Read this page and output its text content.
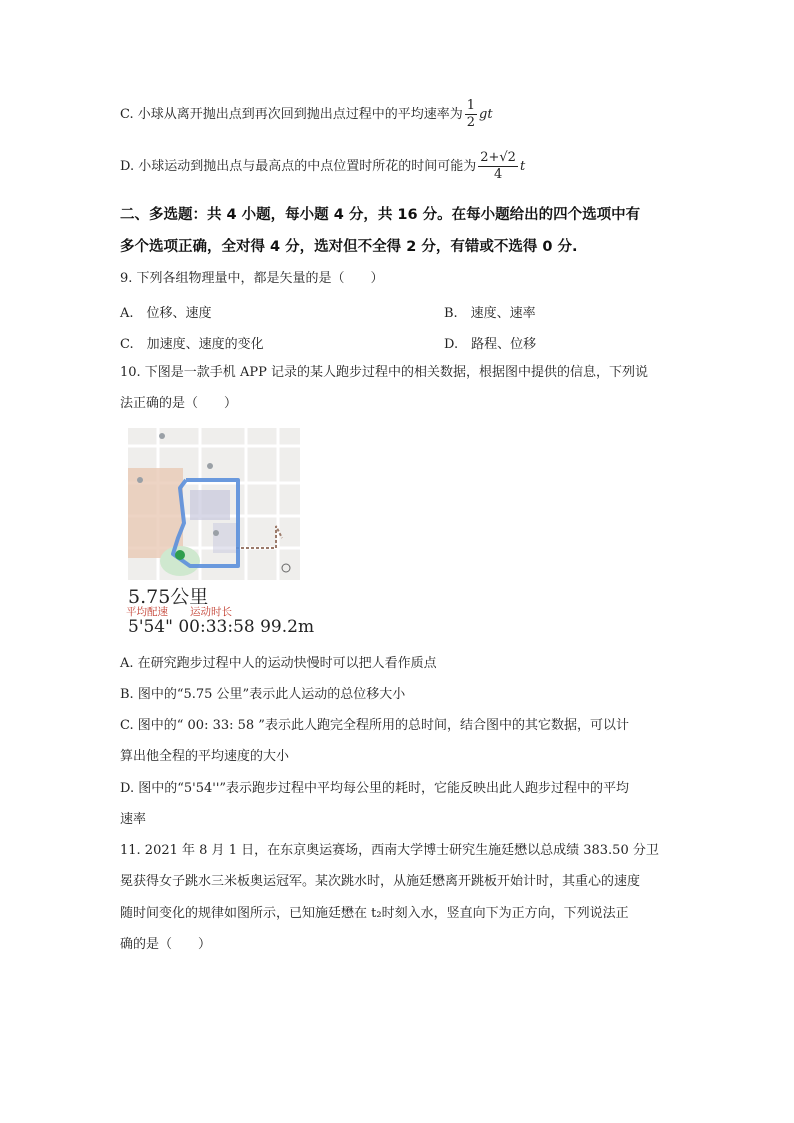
C. 小球从离开抛出点到再次回到抛出点过程中的平均速率为 $\frac{1}{2}$ gt
D. 小球运动到抛出点与最高点的中点位置时所花的时间可能为 $\frac{2+√2}{4}$ t
二、多选题：共 4 小题，每小题 4 分，共 16 分。在每小题给出的四个选项中有
多个选项正确，全对得 4 分，选对但不全得 2 分，有错或不选得 0 分.
9. 下列各组物理量中，都是矢量的是（　　）
A.　位移、速度	B.　速度、速率
C.　加速度、速度的变化	D.　路程、位移
10. 下图是一款手机 APP 记录的某人跑步过程中的相关数据，根据图中提供的信息，下列说
法正确的是（　　）
5.75公里
平均配速 运动时长
5'54" 00:33:58 99.2m
A. 在研究跑步过程中人的运动快慢时可以把人看作质点
B. 图中的“5.75 公里”表示此人运动的总位移大小
C. 图中的“ 00: 33: 58 ”表示此人跑完全程所用的总时间，结合图中的其它数据，可以计
算出他全程的平均速度的大小
D. 图中的“5'54''”表示跑步过程中平均每公里的耗时，它能反映出此人跑步过程中的平均
速率
11. 2021 年 8 月 1 日，在东京奥运赛场，西南大学博士研究生施廷懋以总成绩 383.50 分卫
冕获得女子跳水三米板奥运冠军。某次跳水时，从施廷懋离开跳板开始计时，其重心的速度
随时间变化的规律如图所示，已知施廷懋在 t₂时刻入水，竖直向下为正方向，下列说法正
确的是（　　）
